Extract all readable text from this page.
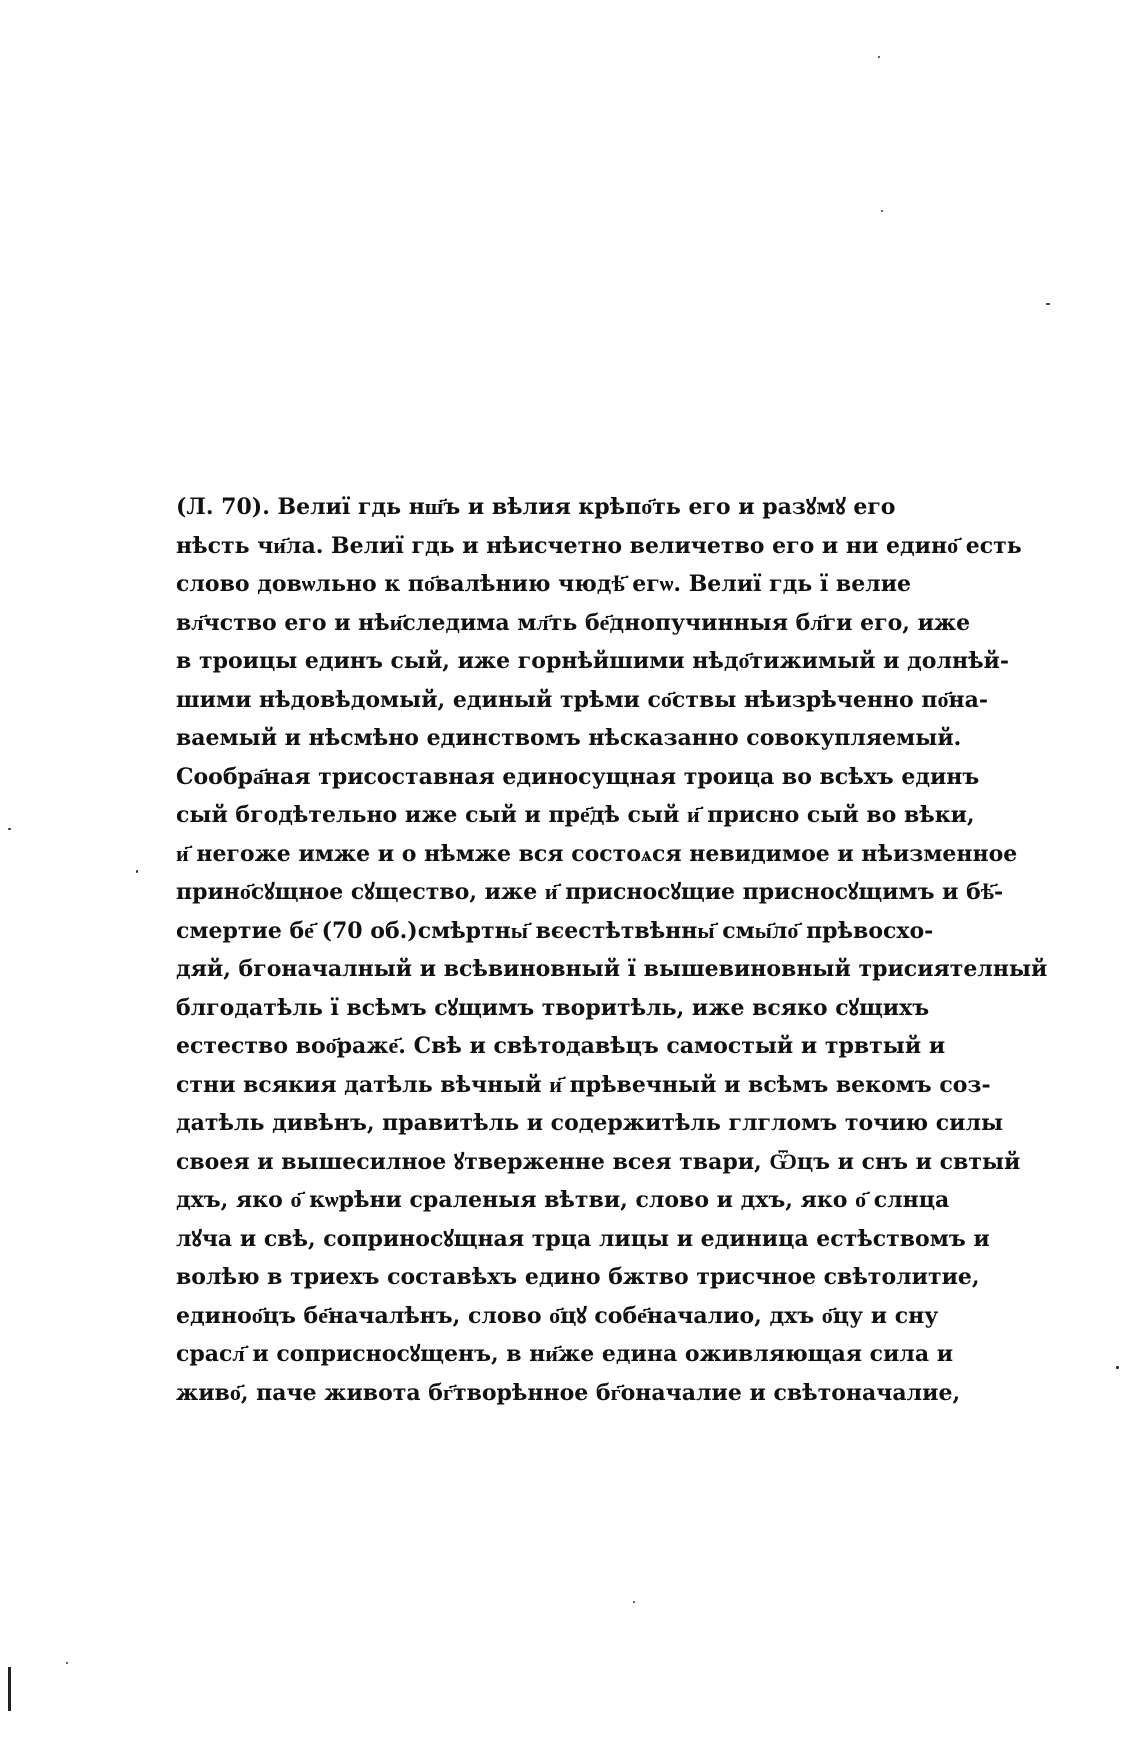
(Л. 70). Велиї гдь нш҃ъ и вѣлия крѣпо҃ть его и разꙋмꙋ его
нѣсть чи҃ла. Велиї гдь и нѣисчетно величетво его и ни едино҃ есть
слово довѡльно к по҃валѣнию чюдѣ҃ егѡ. Велиї гдь ї велие
вл҃чство его и нѣи҃следима мл҃ть бе҃днопучинныя бл҃ги его, иже
в троицы единъ сый, иже горнѣйшими нѣдо҃тижимый и долнѣй-
шими нѣдовѣдомый, единый трѣми со҃ствы нѣизрѣченно по҃на-
ваемый и нѣсмѣно единствомъ нѣсказанно совокупляемый.
Сообра҃ная трисоставная единосущная троица во всѣхъ единъ
сый бгодѣтельно иже сый и пре҃дѣ сый и҃ присно сый во вѣки,
и҃ негоже имже и о нѣмже вся состоѧся невидимое и нѣизменное
прино҃сꙋщное сꙋщество, иже и҃ присносꙋщие присносꙋщимъ и бѣ҃-
смертие бе҃ (70 об.)смѣртны҃ вєестѣтвѣнны҃ смы҃ло҃ прѣвосхо-
дяй, бгоначалный и всѣвиновный ї вышевиновный трисиятелный
блгодатѣль ї всѣмъ сꙋщимъ творитѣль, иже всяко сꙋщихъ
естество воо҃раже҃. Свѣ и свѣтодавѣцъ самостый и трвтый и
стни всякия датѣль вѣчный и҃ прѣвечный и всѣмъ векомъ соз-
датѣль дивѣнъ, правитѣль и содержитѣль глгломъ точию силы
своея и вышесилное ꙋтверженне всея твари, Ѿцъ и снъ и свтый
дхъ, яко о҃ кѡрѣни сраленыя вѣтви, слово и дхъ, яко о҃ слнца
лꙋча и свѣ, соприносꙋщная трца лицы и единица естѣствомъ и
волѣю в триехъ составѣхъ едино бжтво трисчное свѣтолитие,
единоо҃цъ бе҃началѣнъ, слово о҃цꙋ собе҃началио, дхъ о҃цу и сну
срасл҃ и соприсносꙋщенъ, в ни҃же едина оживляющая сила и
живо҃, паче живота бг҃творѣнное бг҃оначалие и свѣтоначалие,
